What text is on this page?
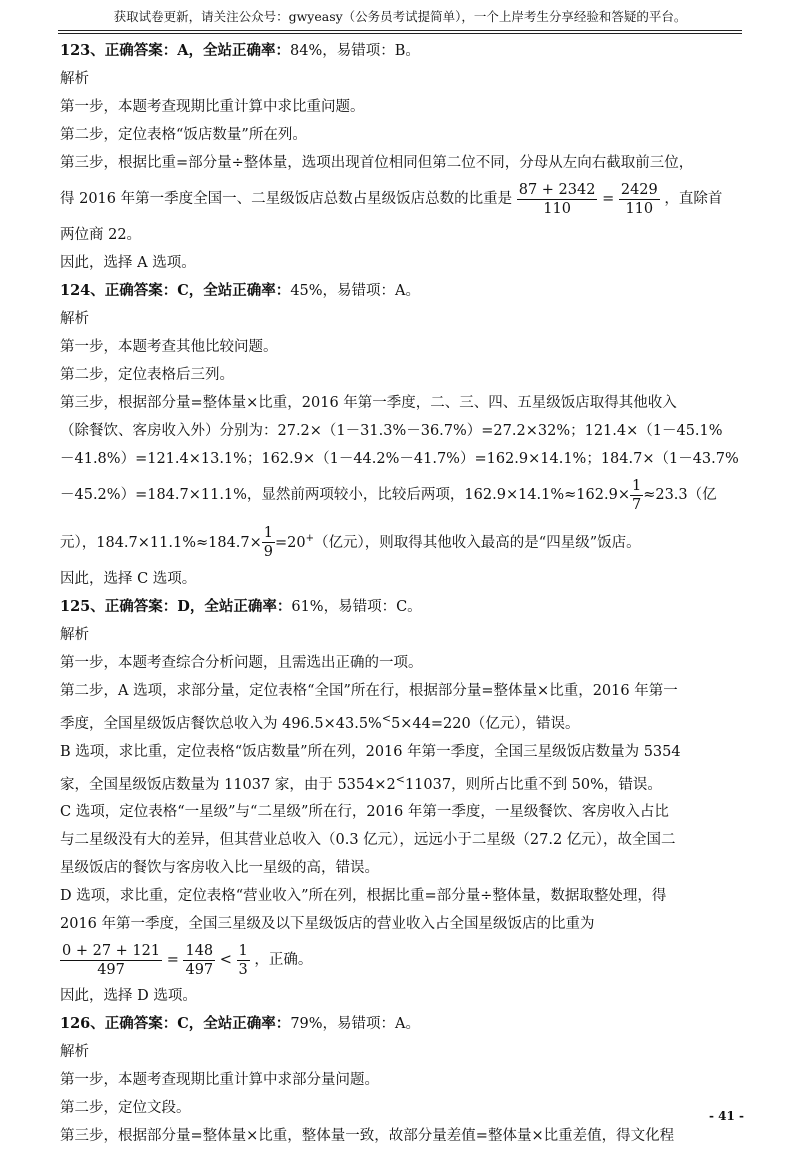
获取试卷更新，请关注公众号：gwyeasy（公务员考试提简单），一个上岸考生分享经验和答疑的平台。
123、正确答案：A，全站正确率：84%，易错项：B。
解析
第一步，本题考查现期比重计算中求比重问题。
第二步，定位表格“饭店数量”所在列。
第三步，根据比重=部分量÷整体量，选项出现首位相同但第二位不同，分母从左向右截取前三位，
得 2016 年第一季度全国一、二星级饭店总数占星级饭店总数的比重是 $\frac{87 + 2342}{110} = \frac{2429}{110}$ ，直除首
两位商 22。
因此，选择 A 选项。
124、正确答案：C，全站正确率：45%，易错项：A。
解析
第一步，本题考查其他比较问题。
第二步，定位表格后三列。
第三步，根据部分量=整体量×比重，2016 年第一季度，二、三、四、五星级饭店取得其他收入
（除餐饮、客房收入外）分别为：27.2×（1－31.3%－36.7%）=27.2×32%；121.4×（1－45.1%
－41.8%）=121.4×13.1%；162.9×（1－44.2%－41.7%）=162.9×14.1%；184.7×（1－43.7%
－45.2%）=184.7×11.1%，显然前两项较小，比较后两项，$162.9\times 14.1\%\approx 162.9\times \frac{1}{7} \approx 23.3$（亿
元），$184.7\times 11.1\%\approx 184.7\times \frac{1}{9} =20^+$（亿元），则取得其他收入最高的是“四星级”饭店。
因此，选择 C 选项。
125、正确答案：D，全站正确率：61%，易错项：C。
解析
第一步，本题考查综合分析问题，且需选出正确的一项。
第二步，A 选项，求部分量，定位表格“全国”所在行，根据部分量=整体量×比重，2016 年第一
季度，全国星级饭店餐饮总收入为 496.5×43.5%<5×44=220（亿元），错误。
B 选项，求比重，定位表格“饭店数量”所在列，2016 年第一季度，全国三星级饭店数量为 5354
家，全国星级饭店数量为 11037 家，由于 5354×2<11037，则所占比重不到 50%，错误。
C 选项，定位表格“一星级”与“二星级”所在行，2016 年第一季度，一星级餐饮、客房收入占比
与二星级没有大的差异，但其营业总收入（0.3 亿元），远远小于二星级（27.2 亿元），故全国二
星级饭店的餐饮与客房收入比一星级的高，错误。
D 选项，求比重，定位表格“营业收入”所在列，根据比重=部分量÷整体量，数据取整处理，得
2016 年第一季度，全国三星级及以下星级饭店的营业收入占全国星级饭店的比重为
$\frac{0 + 27 + 121}{497} = \frac{148}{497} < \frac{1}{3}$ ，正确。
因此，选择 D 选项。
126、正确答案：C，全站正确率：79%，易错项：A。
解析
第一步，本题考查现期比重计算中求部分量问题。
第二步，定位文段。
第三步，根据部分量=整体量×比重，整体量一致，故部分量差值=整体量×比重差值，得文化程
- 41 -
